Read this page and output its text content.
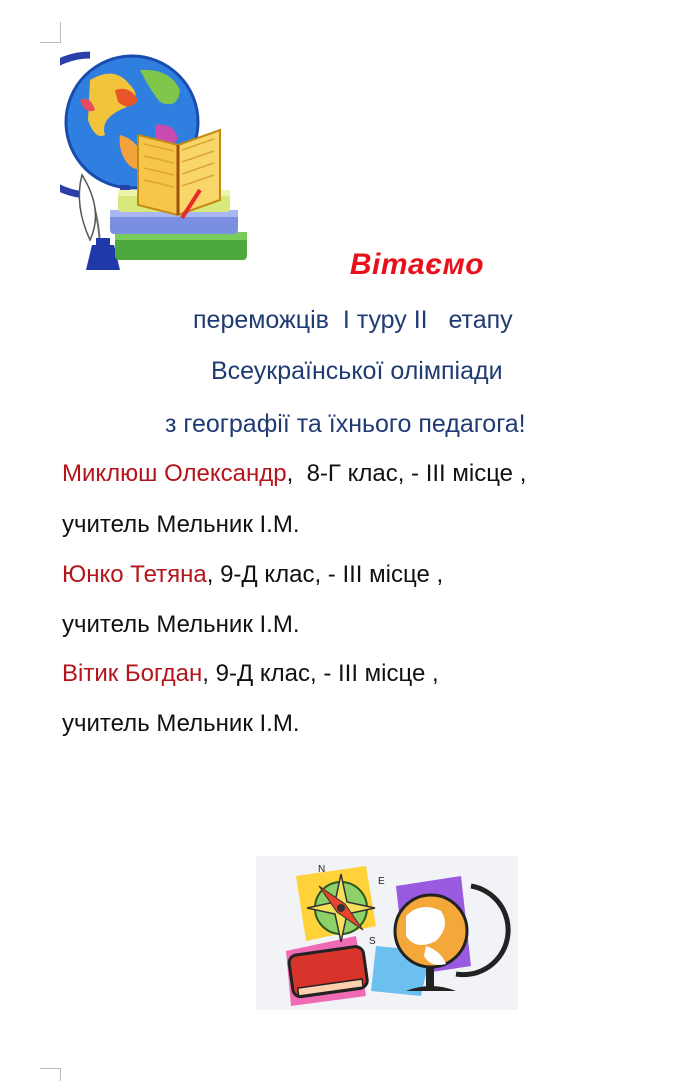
Вітаємо
переможців  І туру ІІ   етапу
Всеукраїнської олімпіади
з географії та їхнього педагога!
Миклюш Олександр,  8-Г клас, - ІІІ місце ,
учитель Мельник І.М.
Юнко Тетяна, 9-Д клас, - ІІІ місце ,
учитель Мельник І.М.
Вітик Богдан, 9-Д клас, - ІІІ місце ,
учитель Мельник І.М.
N
E
S
